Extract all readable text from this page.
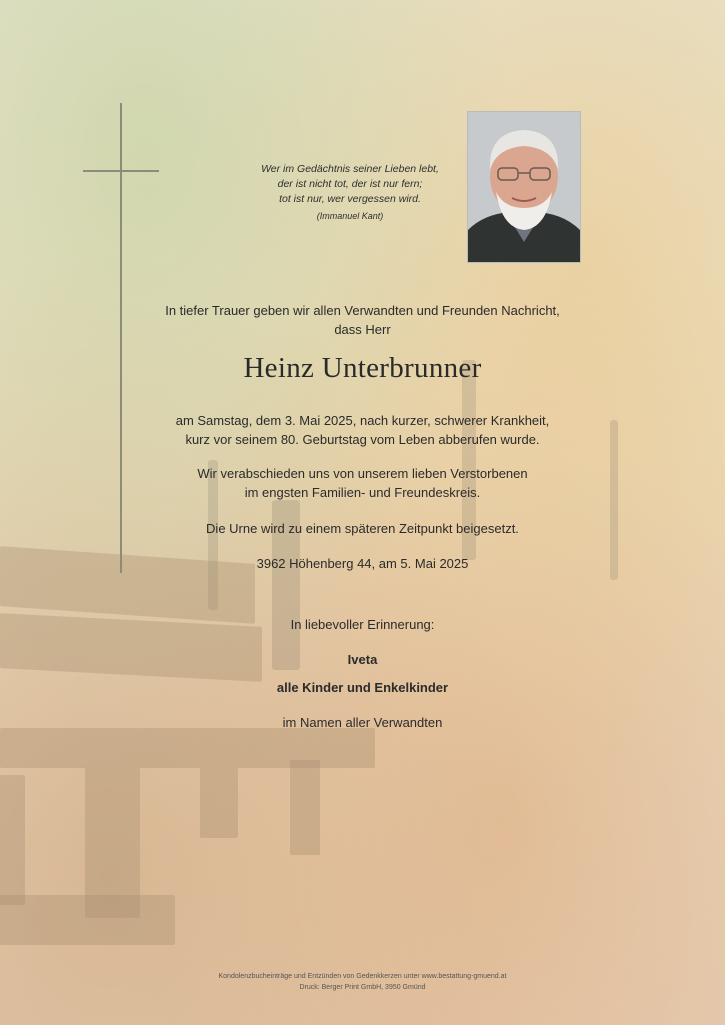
Wer im Gedächtnis seiner Lieben lebt,
der ist nicht tot, der ist nur fern;
tot ist nur, wer vergessen wird.
(Immanuel Kant)
In tiefer Trauer geben wir allen Verwandten und Freunden Nachricht,
dass Herr
Heinz Unterbrunner
am Samstag, dem 3. Mai 2025, nach kurzer, schwerer Krankheit,
kurz vor seinem 80. Geburtstag vom Leben abberufen wurde.
Wir verabschieden uns von unserem lieben Verstorbenen
im engsten Familien- und Freundeskreis.
Die Urne wird zu einem späteren Zeitpunkt beigesetzt.
3962 Höhenberg 44, am 5. Mai 2025
In liebevoller Erinnerung:
Iveta
alle Kinder und Enkelkinder
im Namen aller Verwandten
Kondolenzbucheinträge und Entzünden von Gedenkkerzen unter www.bestattung-gmuend.at
Druck: Berger Print GmbH, 3950 Gmünd
